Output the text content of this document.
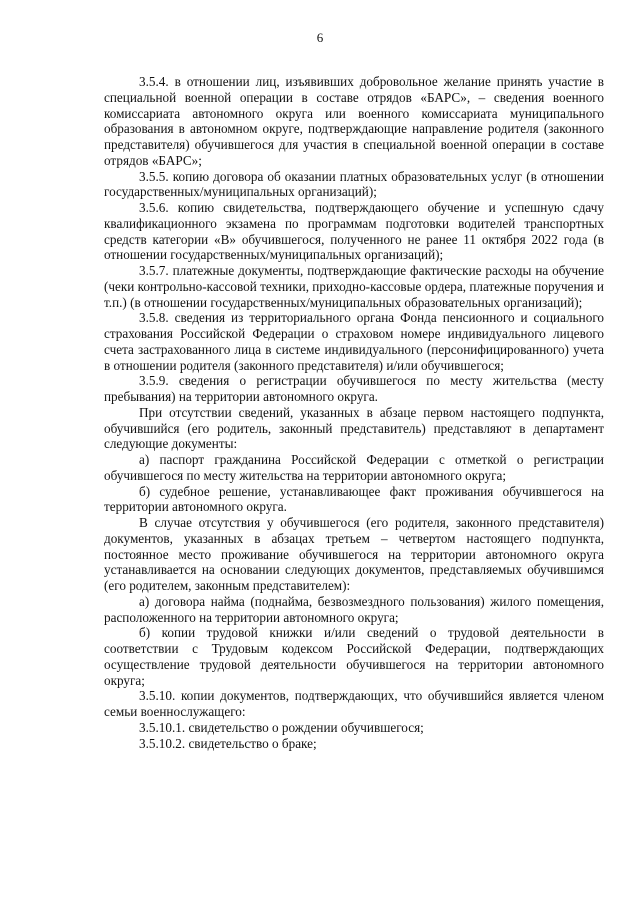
6

3.5.4. в отношении лиц, изъявивших добровольное желание принять участие в специальной военной операции в составе отрядов «БАРС», – сведения военного комиссариата автономного округа или военного комиссариата муниципального образования в автономном округе, подтверждающие направление родителя (законного представителя) обучившегося для участия в специальной военной операции в составе отрядов «БАРС»;

3.5.5. копию договора об оказании платных образовательных услуг (в отношении государственных/муниципальных организаций);

3.5.6. копию свидетельства, подтверждающего обучение и успешную сдачу квалификационного экзамена по программам подготовки водителей транспортных средств категории «В» обучившегося, полученного не ранее 11 октября 2022 года (в отношении государственных/муниципальных организаций);

3.5.7. платежные документы, подтверждающие фактические расходы на обучение (чеки контрольно-кассовой техники, приходно-кассовые ордера, платежные поручения и т.п.) (в отношении государственных/муниципальных образовательных организаций);

3.5.8. сведения из территориального органа Фонда пенсионного и социального страхования Российской Федерации о страховом номере индивидуального лицевого счета застрахованного лица в системе индивидуального (персонифицированного) учета в отношении родителя (законного представителя) и/или обучившегося;

3.5.9. сведения о регистрации обучившегося по месту жительства (месту пребывания) на территории автономного округа.

При отсутствии сведений, указанных в абзаце первом настоящего подпункта, обучившийся (его родитель, законный представитель) представляют в департамент следующие документы:

а) паспорт гражданина Российской Федерации с отметкой о регистрации обучившегося по месту жительства на территории автономного округа;

б) судебное решение, устанавливающее факт проживания обучившегося на территории автономного округа.

В случае отсутствия у обучившегося (его родителя, законного представителя) документов, указанных в абзацах третьем – четвертом настоящего подпункта, постоянное место проживание обучившегося на территории автономного округа устанавливается на основании следующих документов, представляемых обучившимся (его родителем, законным представителем):

а) договора найма (поднайма, безвозмездного пользования) жилого помещения, расположенного на территории автономного округа;

б) копии трудовой книжки и/или сведений о трудовой деятельности в соответствии с Трудовым кодексом Российской Федерации, подтверждающих осуществление трудовой деятельности обучившегося на территории автономного округа;

3.5.10. копии документов, подтверждающих, что обучившийся является членом семьи военнослужащего:

3.5.10.1. свидетельство о рождении обучившегося;

3.5.10.2. свидетельство о браке;
